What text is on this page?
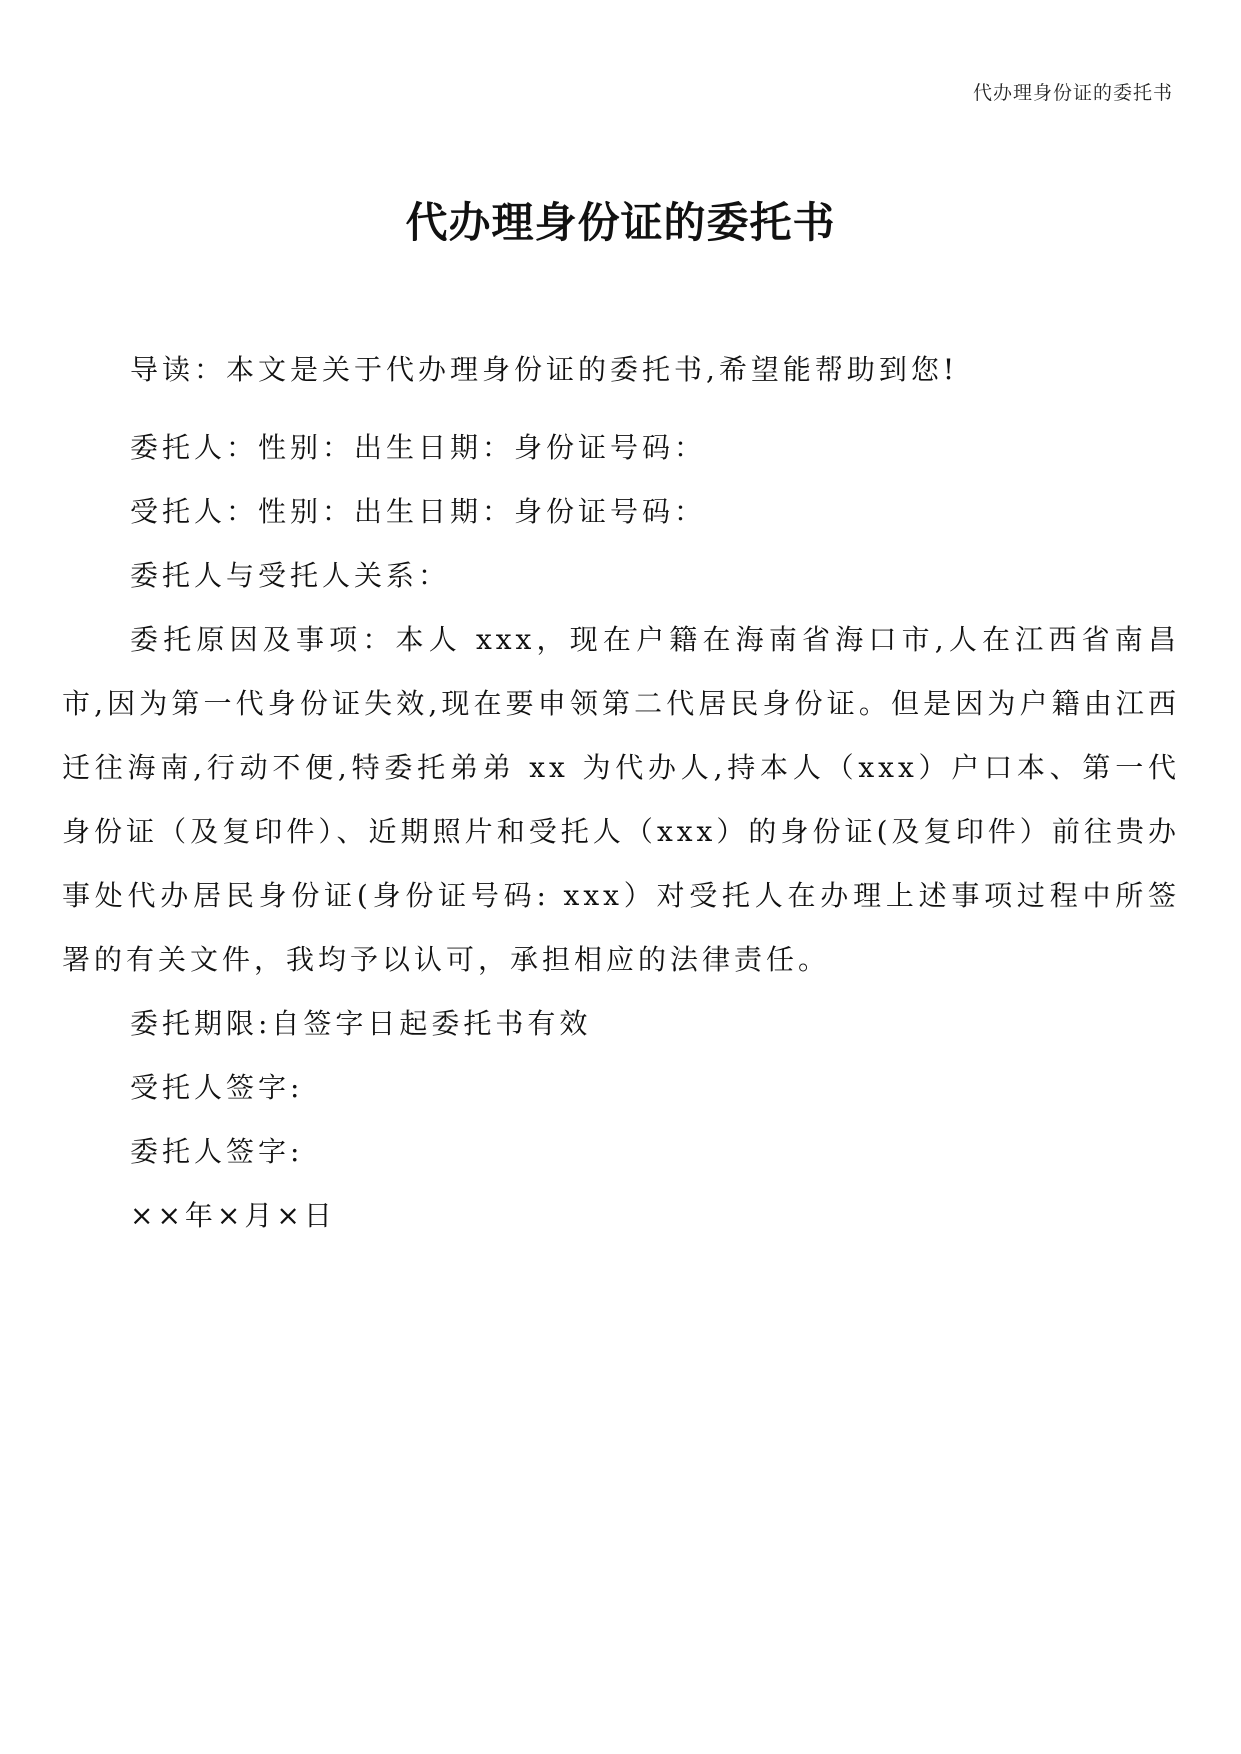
代办理身份证的委托书
代办理身份证的委托书

导读：本文是关于代办理身份证的委托书,希望能帮助到您!

委托人：性别：出生日期：身份证号码：

受托人：性别：出生日期：身份证号码：

委托人与受托人关系：

委托原因及事项：本人 xxx，现在户籍在海南省海口市,人在江西省南昌市,因为第一代身份证失效,现在要申领第二代居民身份证。但是因为户籍由江西迁往海南,行动不便,特委托弟弟 xx 为代办人,持本人（xxx）户口本、第一代身份证（及复印件）、近期照片和受托人（xxx）的身份证(及复印件）前往贵办事处代办居民身份证(身份证号码: xxx）对受托人在办理上述事项过程中所签署的有关文件，我均予以认可，承担相应的法律责任。

委托期限:自签字日起委托书有效

受托人签字:

委托人签字:

××年×月×日
